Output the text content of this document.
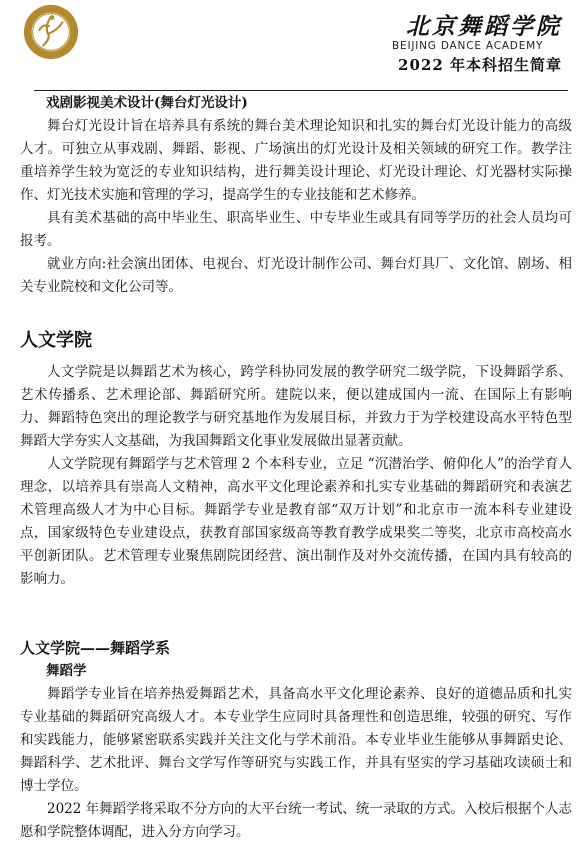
北京舞蹈学院
BEIJING DANCE ACADEMY
2022 年本科招生简章

戏剧影视美术设计(舞台灯光设计)

舞台灯光设计旨在培养具有系统的舞台美术理论知识和扎实的舞台灯光设计能力的高级人才。可独立从事戏剧、舞蹈、影视、广场演出的灯光设计及相关领域的研究工作。教学注重培养学生较为宽泛的专业知识结构，进行舞美设计理论、灯光设计理论、灯光器材实际操作、灯光技术实施和管理的学习，提高学生的专业技能和艺术修养。

具有美术基础的高中毕业生、职高毕业生、中专毕业生或具有同等学历的社会人员均可报考。

就业方向:社会演出团体、电视台、灯光设计制作公司、舞台灯具厂、文化馆、剧场、相关专业院校和文化公司等。

人文学院

人文学院是以舞蹈艺术为核心，跨学科协同发展的教学研究二级学院，下设舞蹈学系、艺术传播系、艺术理论部、舞蹈研究所。建院以来，便以建成国内一流、在国际上有影响力、舞蹈特色突出的理论教学与研究基地作为发展目标，并致力于为学校建设高水平特色型舞蹈大学夯实人文基础，为我国舞蹈文化事业发展做出显著贡献。

人文学院现有舞蹈学与艺术管理 2 个本科专业，立足 “沉潜治学、俯仰化人”的治学育人理念，以培养具有崇高人文精神，高水平文化理论素养和扎实专业基础的舞蹈研究和表演艺术管理高级人才为中心目标。舞蹈学专业是教育部“双万计划”和北京市一流本科专业建设点，国家级特色专业建设点，获教育部国家级高等教育教学成果奖二等奖，北京市高校高水平创新团队。艺术管理专业聚焦剧院团经营、演出制作及对外交流传播，在国内具有较高的影响力。

人文学院——舞蹈学系

舞蹈学

舞蹈学专业旨在培养热爱舞蹈艺术，具备高水平文化理论素养、良好的道德品质和扎实专业基础的舞蹈研究高级人才。本专业学生应同时具备理性和创造思维，较强的研究、写作和实践能力，能够紧密联系实践并关注文化与学术前沿。本专业毕业生能够从事舞蹈史论、舞蹈科学、艺术批评、舞台文学写作等研究与实践工作，并具有坚实的学习基础攻读硕士和博士学位。

2022 年舞蹈学将采取不分方向的大平台统一考试、统一录取的方式。入校后根据个人志愿和学院整体调配，进入分方向学习。
